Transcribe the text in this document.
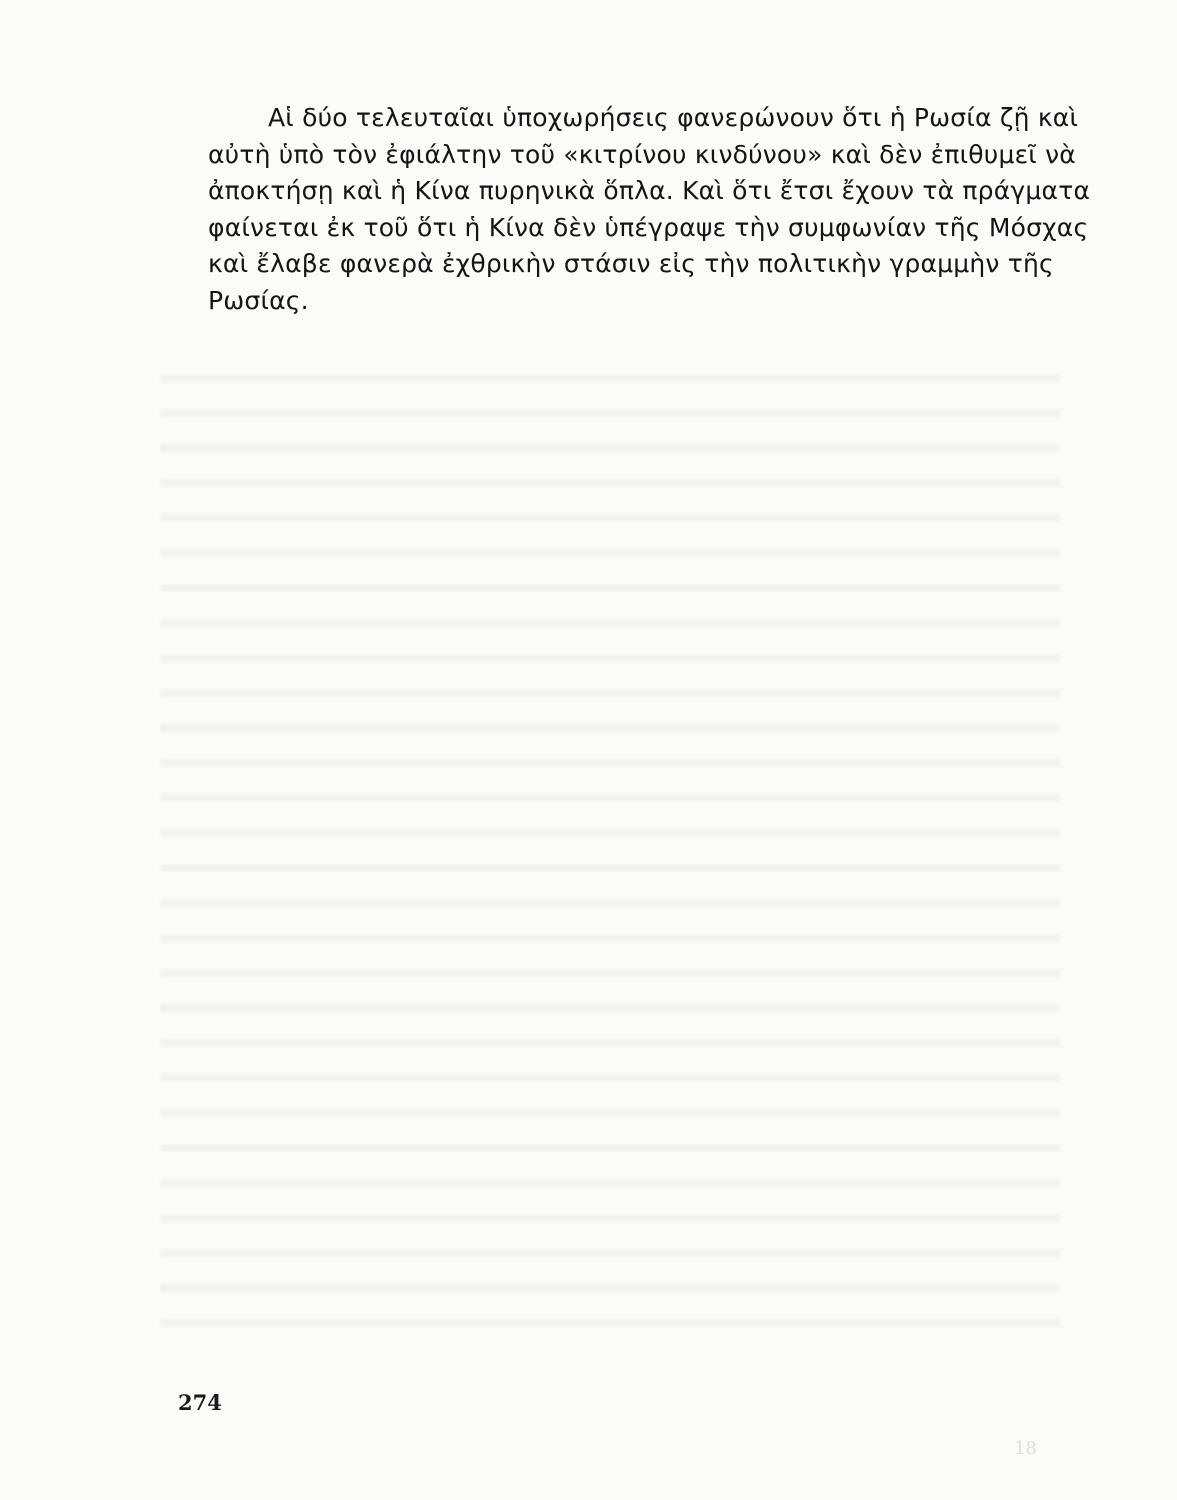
Αἱ δύο τελευταῖαι ὑποχωρήσεις φανερώνουν ὅτι ἡ Ρωσία ζῇ καὶ
αὐτὴ ὑπὸ τὸν ἐφιάλτην τοῦ «κιτρίνου κινδύνου» καὶ δὲν ἐπιθυμεῖ νὰ
ἀποκτήσῃ καὶ ἡ Κίνα πυρηνικὰ ὅπλα. Καὶ ὅτι ἔτσι ἔχουν τὰ πράγματα
φαίνεται ἐκ τοῦ ὅτι ἡ Κίνα δὲν ὑπέγραψε τὴν συμφωνίαν τῆς Μόσχας
καὶ ἔλαβε φανερὰ ἐχθρικὴν στάσιν εἰς τὴν πολιτικὴν γραμμὴν τῆς
Ρωσίας.
274
18
